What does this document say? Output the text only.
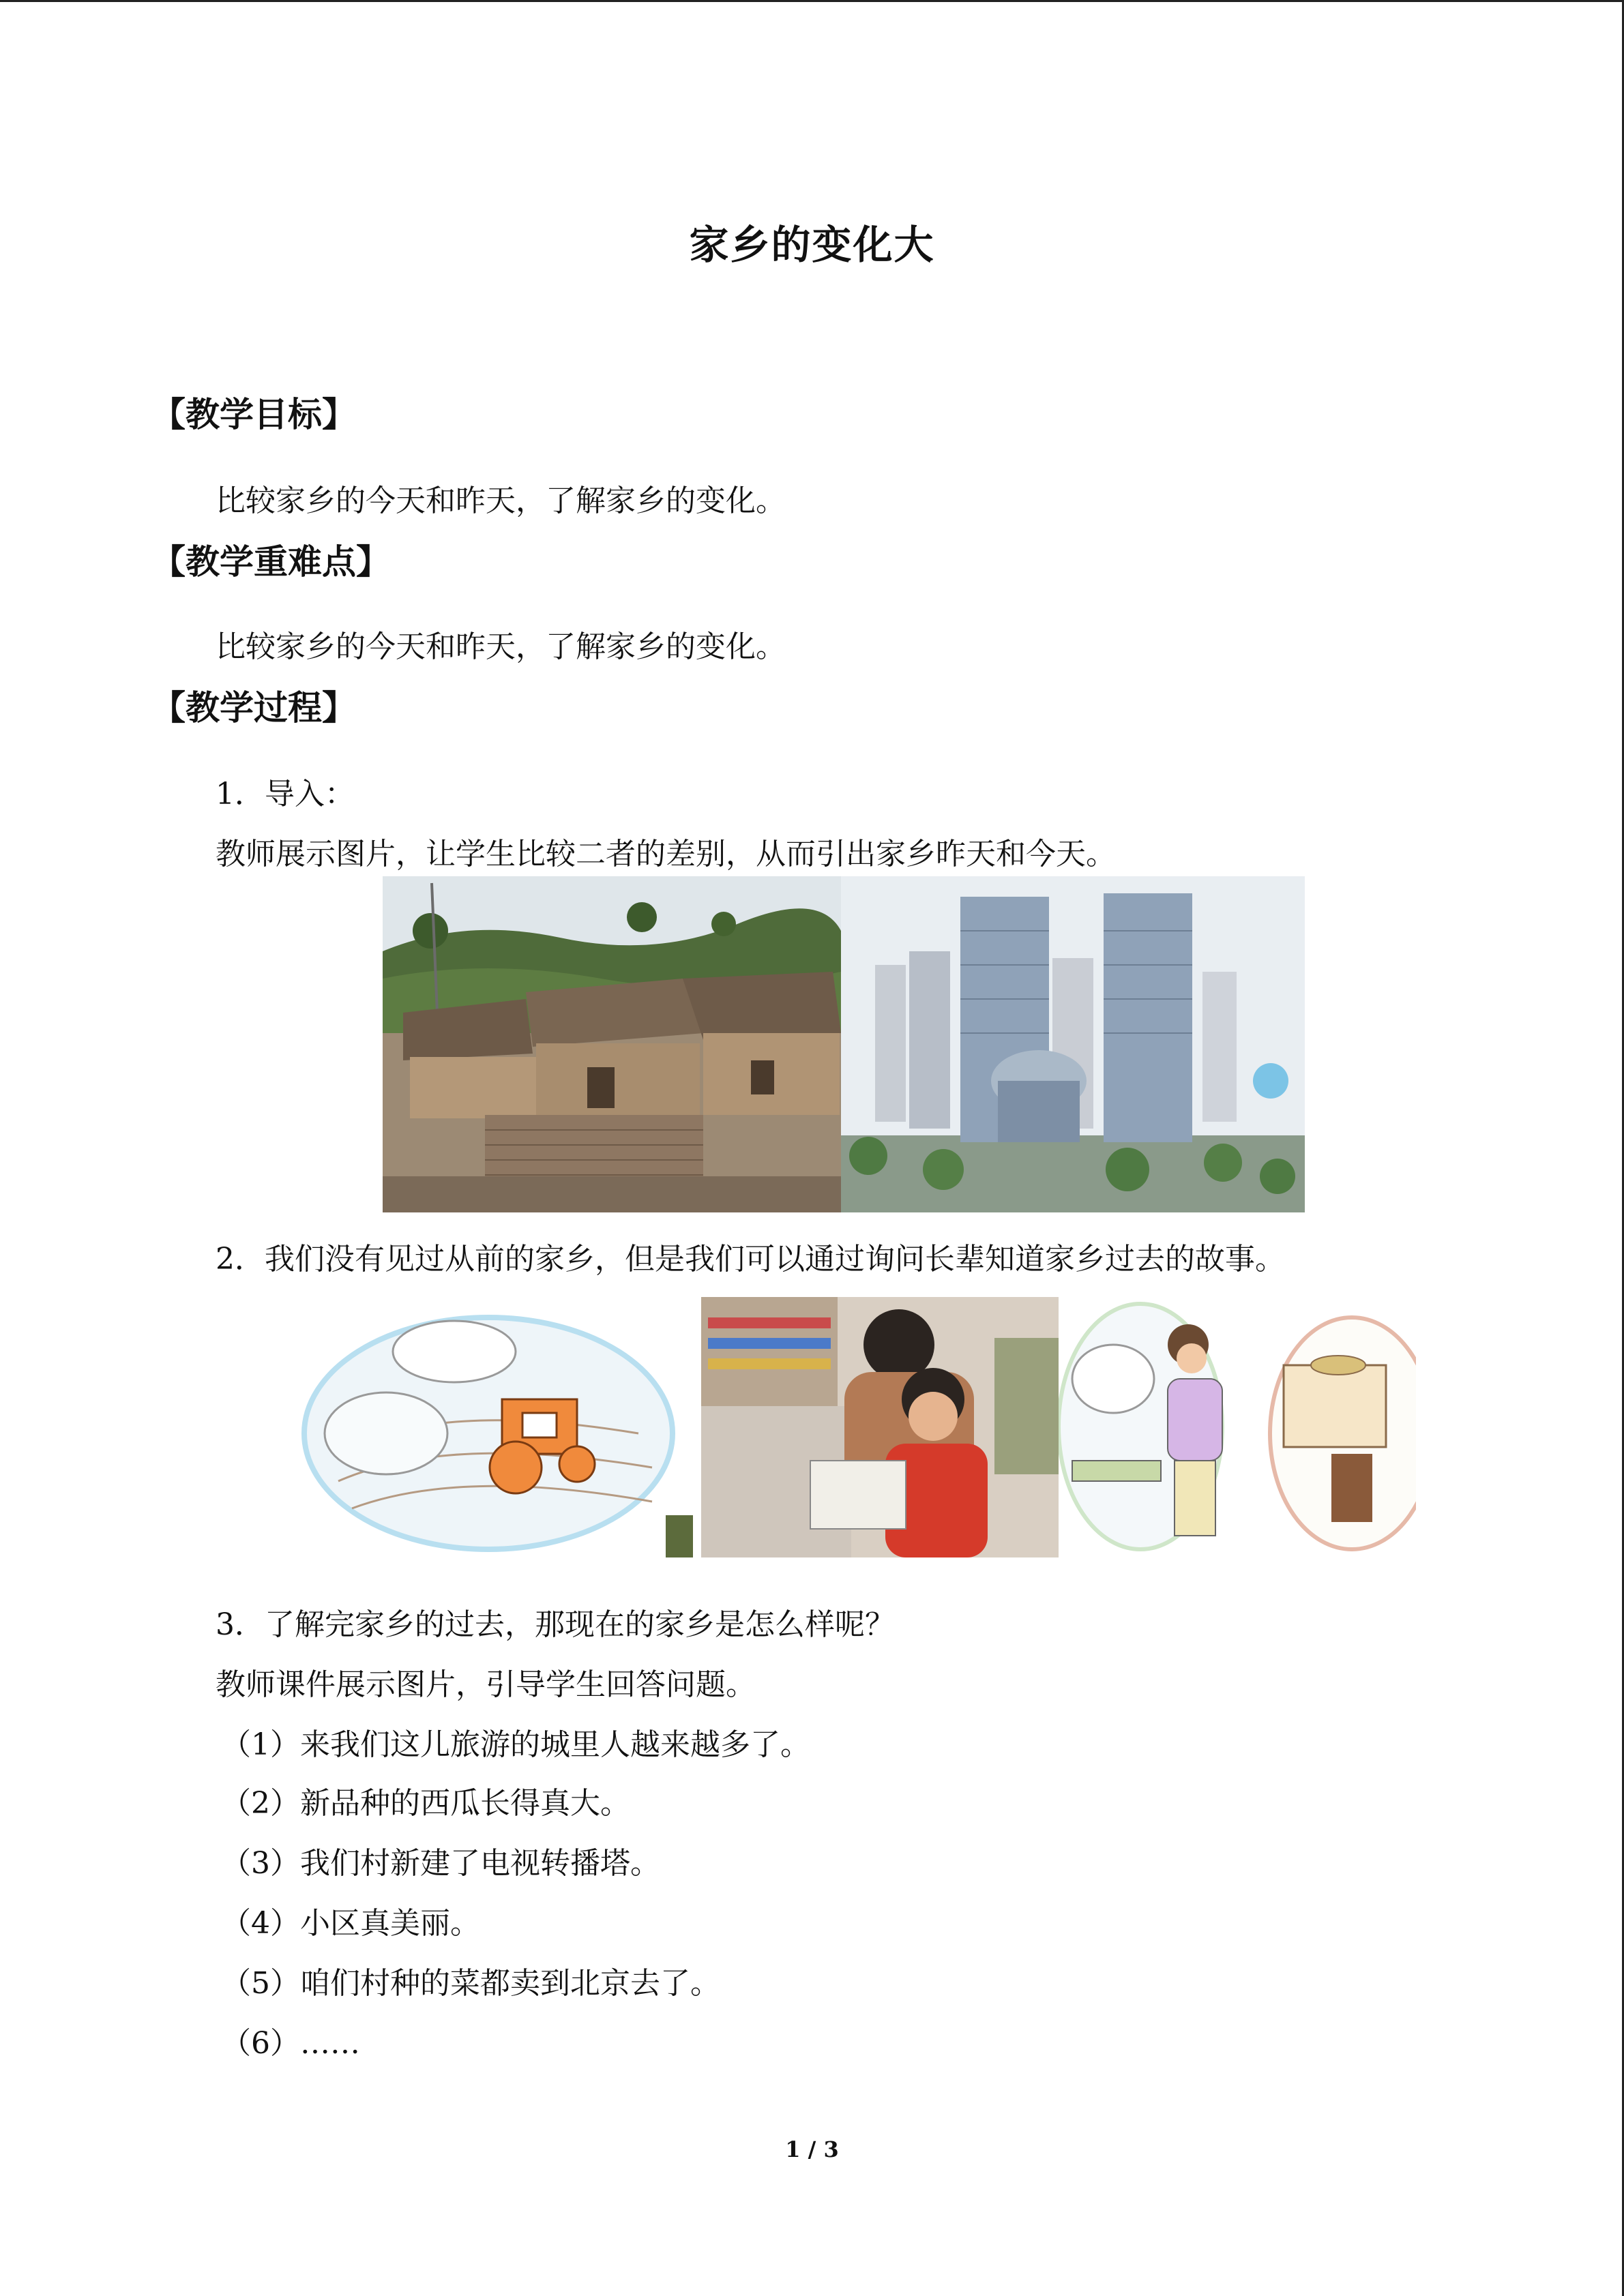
家乡的变化大
【教学目标】
比较家乡的今天和昨天，了解家乡的变化。
【教学重难点】
比较家乡的今天和昨天，了解家乡的变化。
【教学过程】
1．导入：
教师展示图片，让学生比较二者的差别，从而引出家乡昨天和今天。
2．我们没有见过从前的家乡，但是我们可以通过询问长辈知道家乡过去的故事。
3．了解完家乡的过去，那现在的家乡是怎么样呢？
教师课件展示图片，引导学生回答问题。
（1）来我们这儿旅游的城里人越来越多了。
（2）新品种的西瓜长得真大。
（3）我们村新建了电视转播塔。
（4）小区真美丽。
（5）咱们村种的菜都卖到北京去了。
（6）……
1 / 3
